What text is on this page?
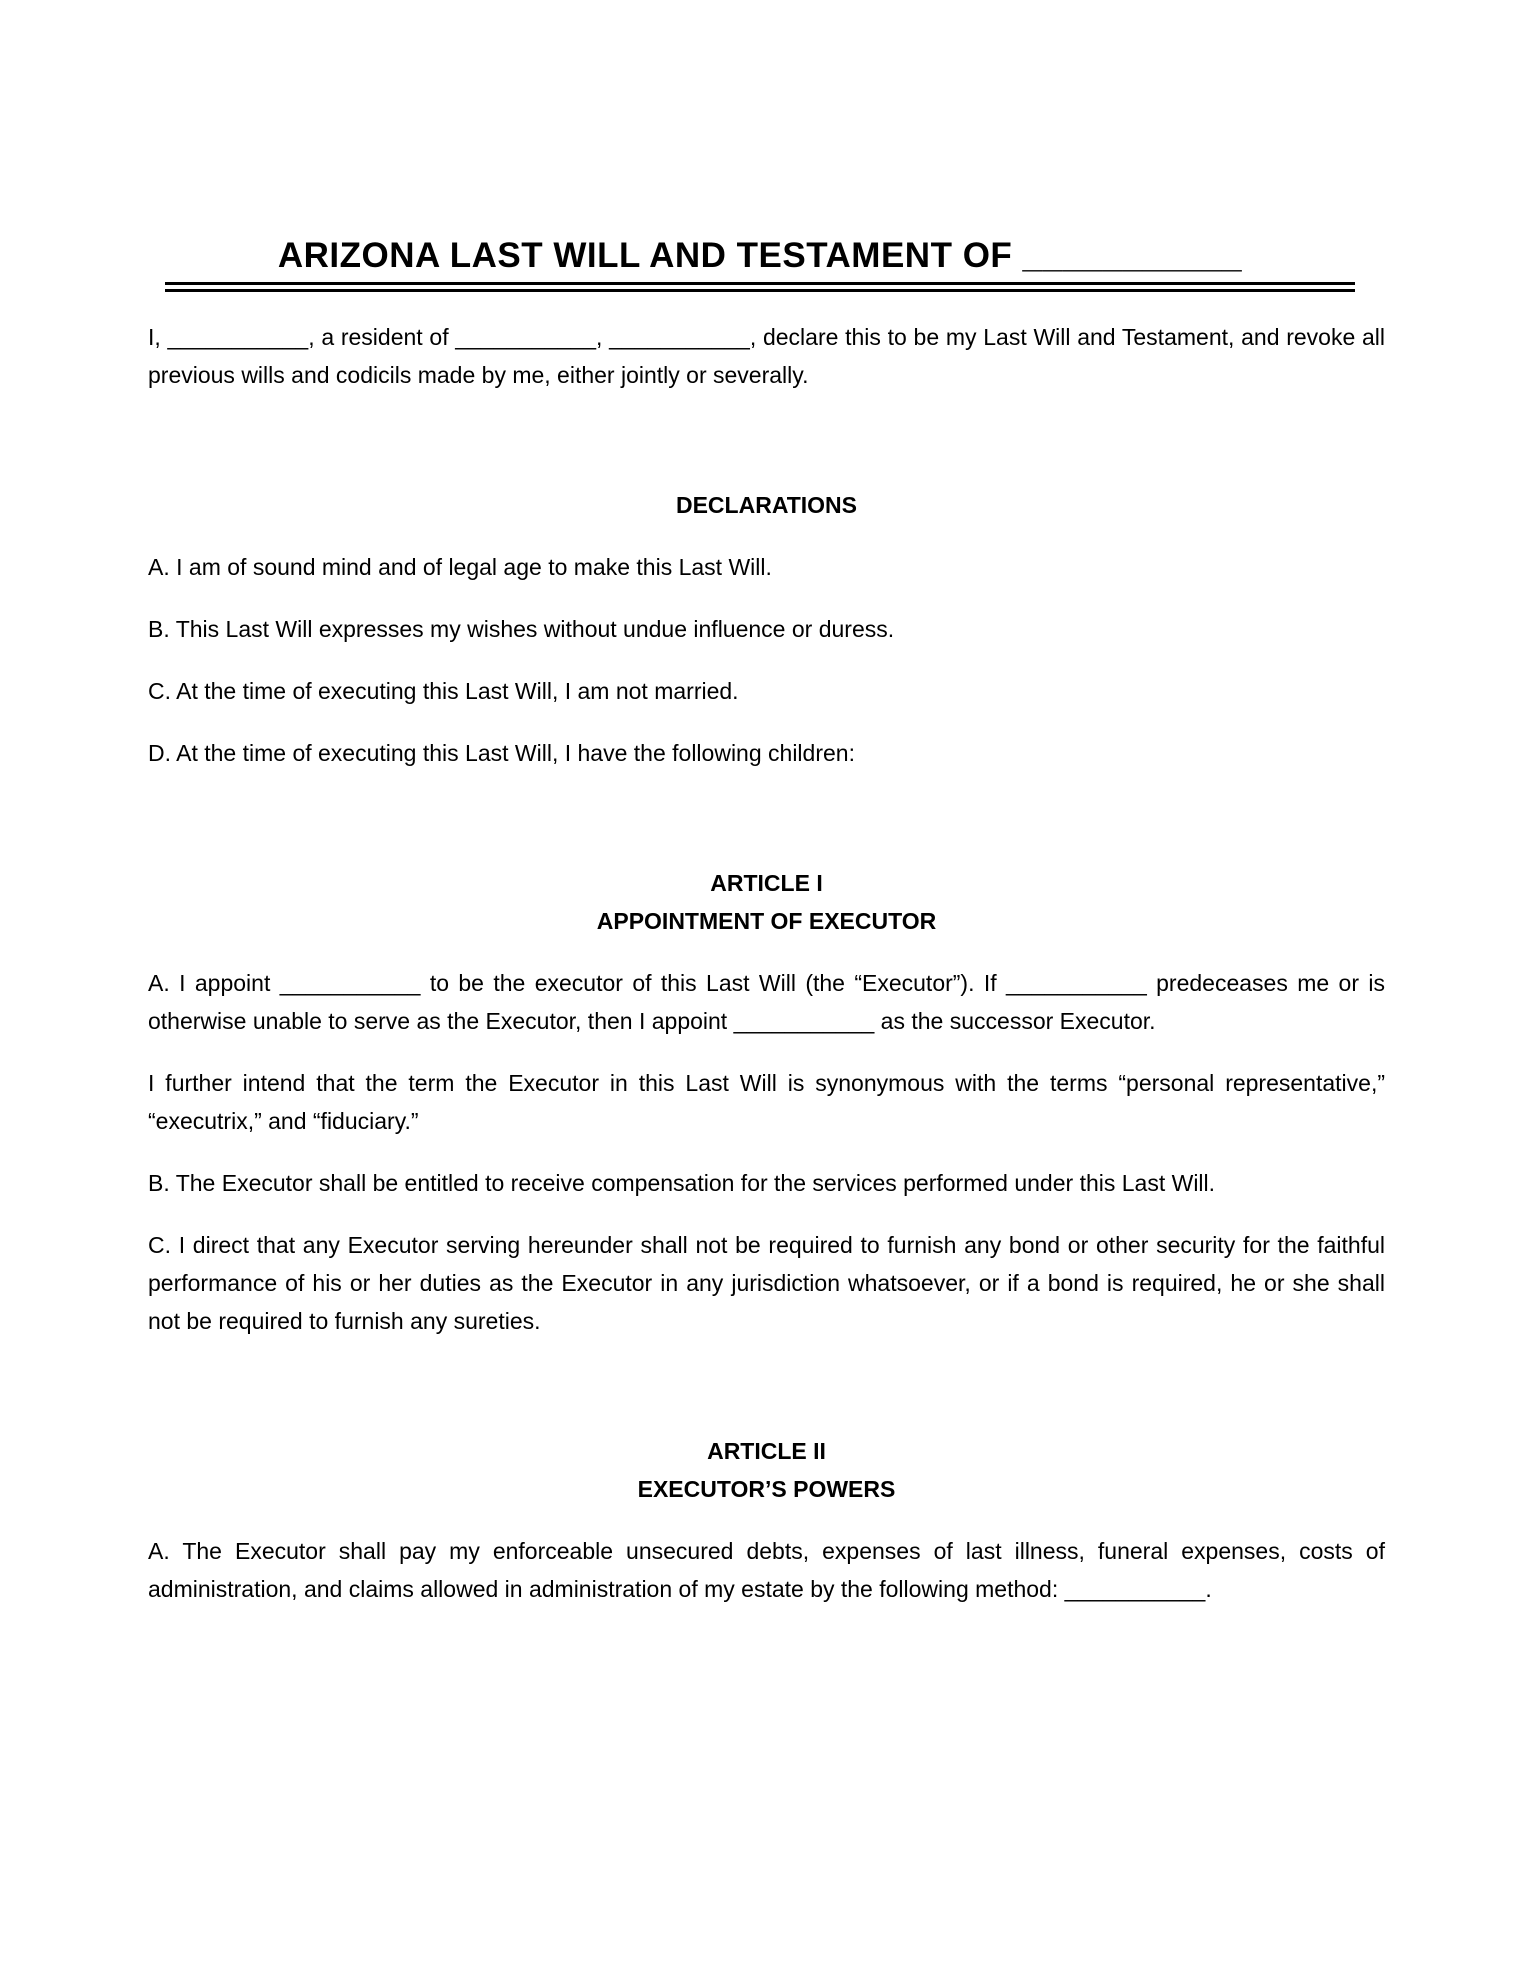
ARIZONA LAST WILL AND TESTAMENT OF ___________

I, ___________, a resident of ___________, ___________, declare this to be my Last Will and Testament, and revoke all previous wills and codicils made by me, either jointly or severally.

DECLARATIONS

A. I am of sound mind and of legal age to make this Last Will.

B. This Last Will expresses my wishes without undue influence or duress.

C. At the time of executing this Last Will, I am not married.

D. At the time of executing this Last Will, I have the following children:

ARTICLE I
APPOINTMENT OF EXECUTOR

A. I appoint ___________ to be the executor of this Last Will (the “Executor”). If ___________ predeceases me or is otherwise unable to serve as the Executor, then I appoint ___________ as the successor Executor.

I further intend that the term the Executor in this Last Will is synonymous with the terms “personal representative,” “executrix,” and “fiduciary.”

B. The Executor shall be entitled to receive compensation for the services performed under this Last Will.

C. I direct that any Executor serving hereunder shall not be required to furnish any bond or other security for the faithful performance of his or her duties as the Executor in any jurisdiction whatsoever, or if a bond is required, he or she shall not be required to furnish any sureties.

ARTICLE II
EXECUTOR’S POWERS

A. The Executor shall pay my enforceable unsecured debts, expenses of last illness, funeral expenses, costs of administration, and claims allowed in administration of my estate by the following method: ___________.
